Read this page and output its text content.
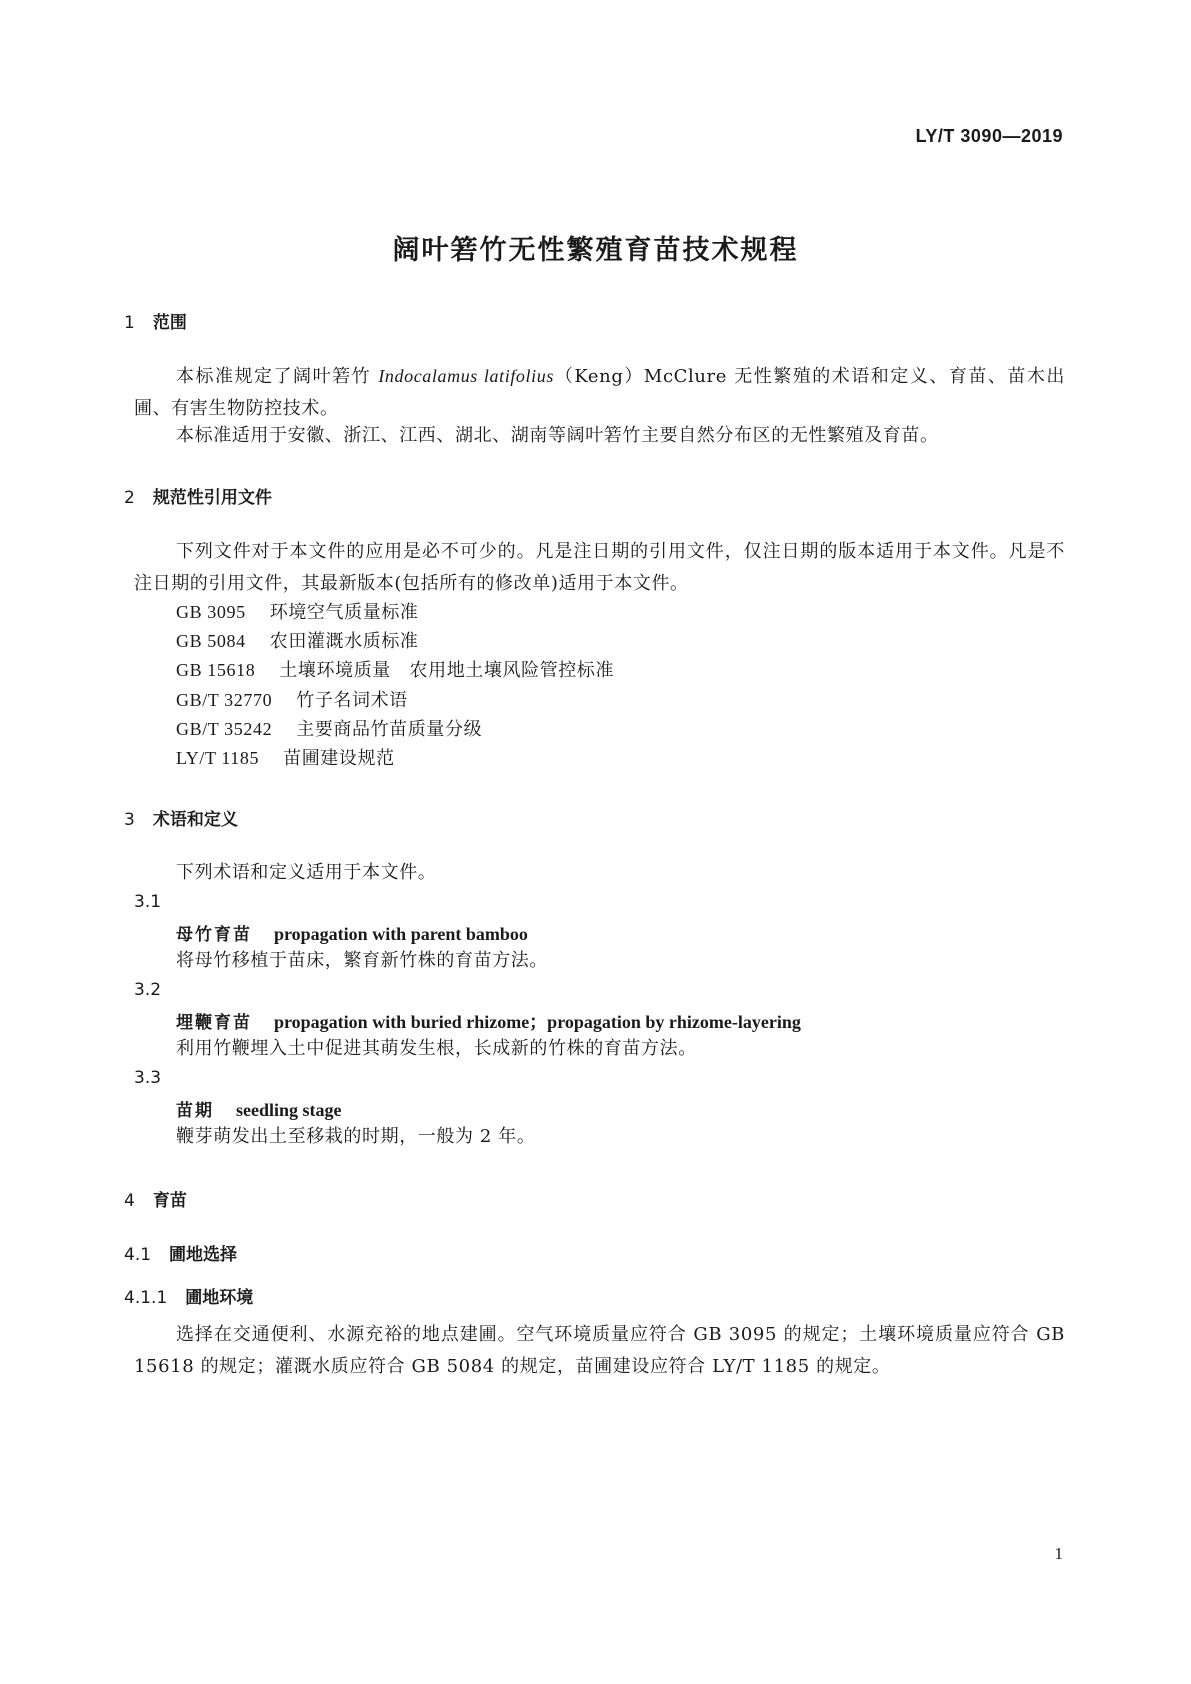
LY/T 3090—2019
阔叶箬竹无性繁殖育苗技术规程
1 范围
本标准规定了阔叶箬竹 Indocalamus latifolius（Keng）McClure 无性繁殖的术语和定义、育苗、苗木出圃、有害生物防控技术。
本标准适用于安徽、浙江、江西、湖北、湖南等阔叶箬竹主要自然分布区的无性繁殖及育苗。
2 规范性引用文件
下列文件对于本文件的应用是必不可少的。凡是注日期的引用文件，仅注日期的版本适用于本文件。凡是不注日期的引用文件，其最新版本(包括所有的修改单)适用于本文件。
GB 3095 环境空气质量标准
GB 5084 农田灌溉水质标准
GB 15618 土壤环境质量　农用地土壤风险管控标准
GB/T 32770 竹子名词术语
GB/T 35242 主要商品竹苗质量分级
LY/T 1185 苗圃建设规范
3 术语和定义
下列术语和定义适用于本文件。
3.1
母竹育苗 propagation with parent bamboo
将母竹移植于苗床，繁育新竹株的育苗方法。
3.2
埋鞭育苗 propagation with buried rhizome；propagation by rhizome-layering
利用竹鞭埋入土中促进其萌发生根，长成新的竹株的育苗方法。
3.3
苗期 seedling stage
鞭芽萌发出土至移栽的时期，一般为 2 年。
4 育苗
4.1 圃地选择
4.1.1 圃地环境
选择在交通便利、水源充裕的地点建圃。空气环境质量应符合 GB 3095 的规定；土壤环境质量应符合 GB 15618 的规定；灌溉水质应符合 GB 5084 的规定，苗圃建设应符合 LY/T 1185 的规定。
1
